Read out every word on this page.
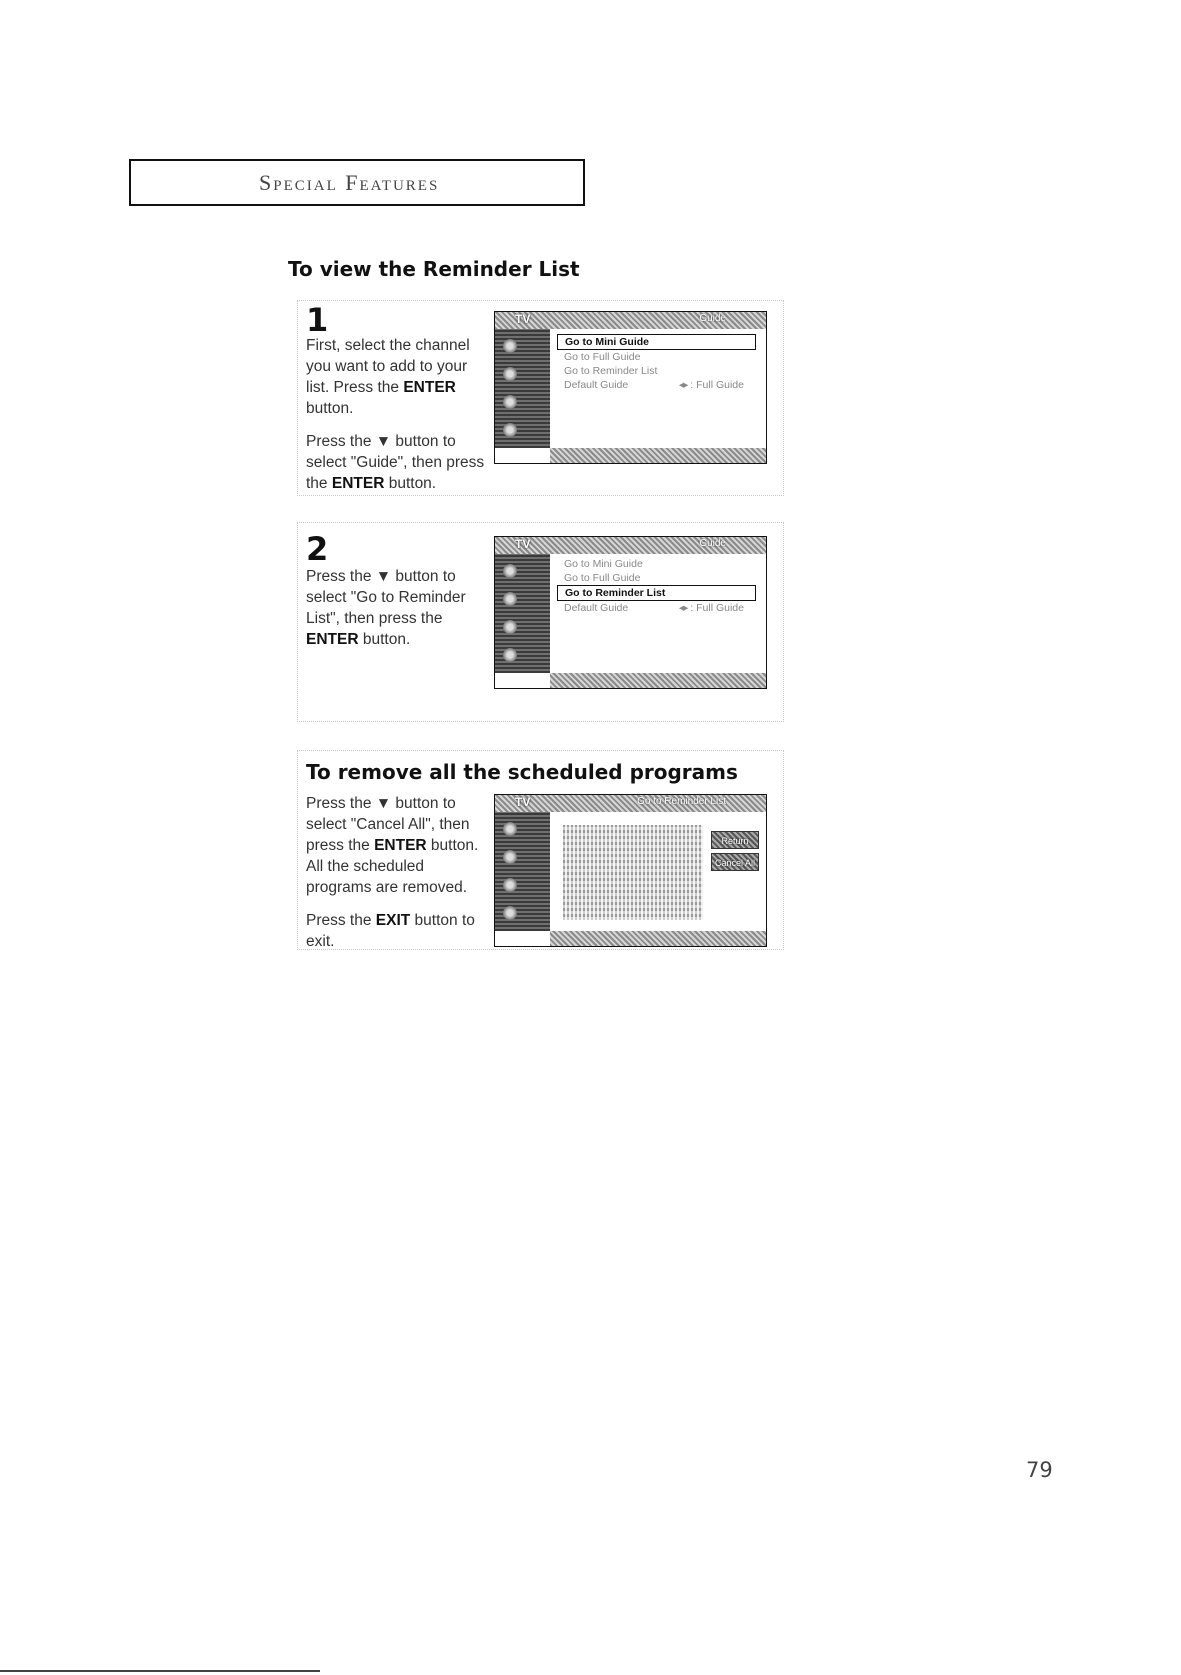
Special Features
To view the Reminder List
1

First, select the channel you want to add to your list. Press the ENTER button.

Press the ▼ button to select "Guide", then press the ENTER button.

TV	Guide
Go to Mini Guide
Go to Full Guide
Go to Reminder List
Default Guide	◂▸ : Full Guide
2

Press the ▼ button to select "Go to Reminder List", then press the ENTER button.

TV	Guide
Go to Mini Guide
Go to Full Guide
Go to Reminder List
Default Guide	◂▸ : Full Guide
To remove all the scheduled programs

Press the ▼ button to select "Cancel All", then press the ENTER button. All the scheduled programs are removed.

Press the EXIT button to exit.

TV	Go to Reminder List
Return
Cancel All
79
